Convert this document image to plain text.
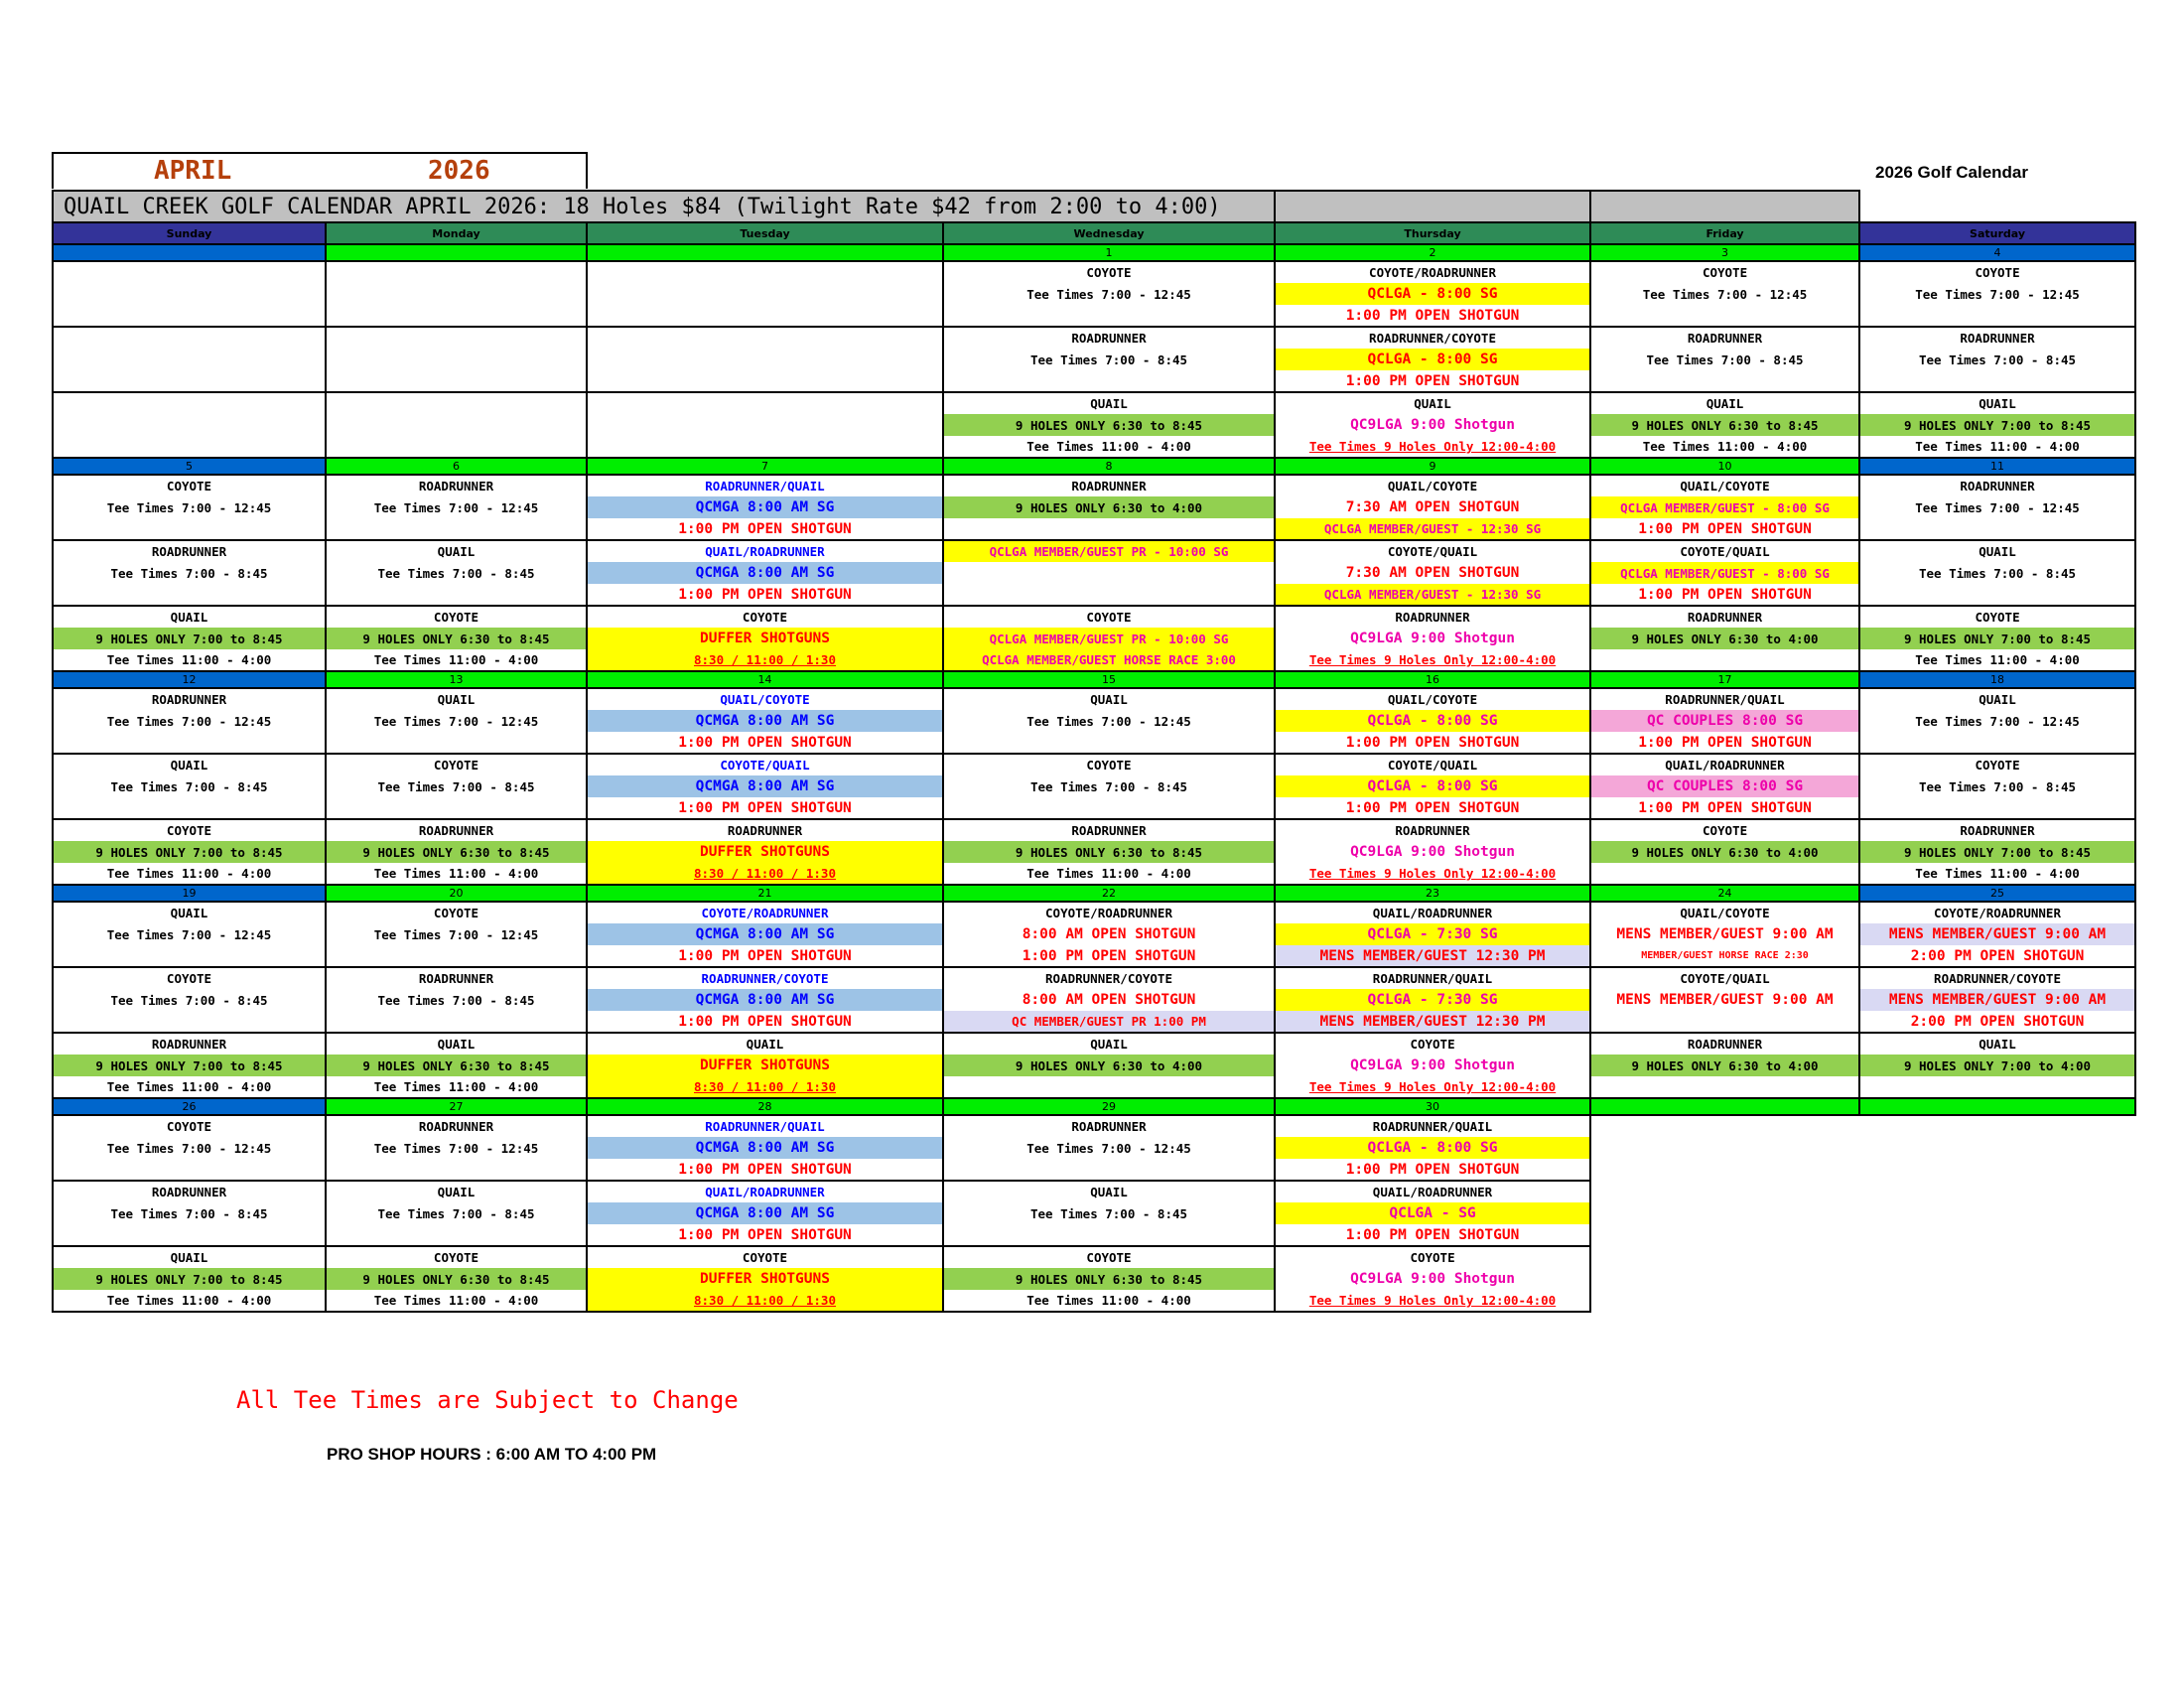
APRIL	2026	2026 Golf Calendar
QUAIL CREEK GOLF CALENDAR APRIL 2026: 18 Holes $84 (Twilight Rate $42 from 2:00 to 4:00)						
Sunday	Monday	Tuesday	Wednesday	Thursday	Friday	Saturday
			1	2	3	4
			COYOTE	COYOTE/ROADRUNNER	COYOTE	COYOTE
			Tee Times 7:00 - 12:45	QCLGA - 8:00 SG	Tee Times 7:00 - 12:45	Tee Times 7:00 - 12:45
				1:00 PM OPEN SHOTGUN		
			ROADRUNNER	ROADRUNNER/COYOTE	ROADRUNNER	ROADRUNNER
			Tee Times 7:00 - 8:45	QCLGA - 8:00 SG	Tee Times 7:00 - 8:45	Tee Times 7:00 - 8:45
				1:00 PM OPEN SHOTGUN		
			QUAIL	QUAIL	QUAIL	QUAIL
			9 HOLES ONLY 6:30 to 8:45	QC9LGA 9:00 Shotgun	9 HOLES ONLY 6:30 to 8:45	9 HOLES ONLY 7:00 to 8:45
			Tee Times 11:00 - 4:00	Tee Times 9 Holes Only 12:00-4:00	Tee Times 11:00 - 4:00	Tee Times 11:00 - 4:00
5	6	7	8	9	10	11
COYOTE	ROADRUNNER	ROADRUNNER/QUAIL	ROADRUNNER	QUAIL/COYOTE	QUAIL/COYOTE	ROADRUNNER
Tee Times 7:00 - 12:45	Tee Times 7:00 - 12:45	QCMGA 8:00 AM SG	9 HOLES ONLY 6:30 to 4:00	7:30 AM OPEN SHOTGUN	QCLGA MEMBER/GUEST - 8:00 SG	Tee Times 7:00 - 12:45
		1:00 PM OPEN SHOTGUN		QCLGA MEMBER/GUEST - 12:30 SG	1:00 PM OPEN SHOTGUN	
ROADRUNNER	QUAIL	QUAIL/ROADRUNNER	QCLGA MEMBER/GUEST PR - 10:00 SG	COYOTE/QUAIL	COYOTE/QUAIL	QUAIL
Tee Times 7:00 - 8:45	Tee Times 7:00 - 8:45	QCMGA 8:00 AM SG		7:30 AM OPEN SHOTGUN	QCLGA MEMBER/GUEST - 8:00 SG	Tee Times 7:00 - 8:45
		1:00 PM OPEN SHOTGUN		QCLGA MEMBER/GUEST - 12:30 SG	1:00 PM OPEN SHOTGUN	
QUAIL	COYOTE	COYOTE	COYOTE	ROADRUNNER	ROADRUNNER	COYOTE
9 HOLES ONLY 7:00 to 8:45	9 HOLES ONLY 6:30 to 8:45	DUFFER SHOTGUNS	QCLGA MEMBER/GUEST PR - 10:00 SG	QC9LGA 9:00 Shotgun	9 HOLES ONLY 6:30 to 4:00	9 HOLES ONLY 7:00 to 8:45
Tee Times 11:00 - 4:00	Tee Times 11:00 - 4:00	8:30 / 11:00 / 1:30	QCLGA MEMBER/GUEST HORSE RACE 3:00	Tee Times 9 Holes Only 12:00-4:00		Tee Times 11:00 - 4:00
12	13	14	15	16	17	18
ROADRUNNER	QUAIL	QUAIL/COYOTE	QUAIL	QUAIL/COYOTE	ROADRUNNER/QUAIL	QUAIL
Tee Times 7:00 - 12:45	Tee Times 7:00 - 12:45	QCMGA 8:00 AM SG	Tee Times 7:00 - 12:45	QCLGA - 8:00 SG	QC COUPLES 8:00 SG	Tee Times 7:00 - 12:45
		1:00 PM OPEN SHOTGUN		1:00 PM OPEN SHOTGUN	1:00 PM OPEN SHOTGUN	
QUAIL	COYOTE	COYOTE/QUAIL	COYOTE	COYOTE/QUAIL	QUAIL/ROADRUNNER	COYOTE
Tee Times 7:00 - 8:45	Tee Times 7:00 - 8:45	QCMGA 8:00 AM SG	Tee Times 7:00 - 8:45	QCLGA - 8:00 SG	QC COUPLES 8:00 SG	Tee Times 7:00 - 8:45
		1:00 PM OPEN SHOTGUN		1:00 PM OPEN SHOTGUN	1:00 PM OPEN SHOTGUN	
COYOTE	ROADRUNNER	ROADRUNNER	ROADRUNNER	ROADRUNNER	COYOTE	ROADRUNNER
9 HOLES ONLY 7:00 to 8:45	9 HOLES ONLY 6:30 to 8:45	DUFFER SHOTGUNS	9 HOLES ONLY 6:30 to 8:45	QC9LGA 9:00 Shotgun	9 HOLES ONLY 6:30 to 4:00	9 HOLES ONLY 7:00 to 8:45
Tee Times 11:00 - 4:00	Tee Times 11:00 - 4:00	8:30 / 11:00 / 1:30	Tee Times 11:00 - 4:00	Tee Times 9 Holes Only 12:00-4:00		Tee Times 11:00 - 4:00
19	20	21	22	23	24	25
QUAIL	COYOTE	COYOTE/ROADRUNNER	COYOTE/ROADRUNNER	QUAIL/ROADRUNNER	QUAIL/COYOTE	COYOTE/ROADRUNNER
Tee Times 7:00 - 12:45	Tee Times 7:00 - 12:45	QCMGA 8:00 AM SG	8:00 AM OPEN SHOTGUN	QCLGA - 7:30 SG	MENS MEMBER/GUEST 9:00 AM	MENS MEMBER/GUEST 9:00 AM
		1:00 PM OPEN SHOTGUN	1:00 PM OPEN SHOTGUN	MENS MEMBER/GUEST 12:30 PM	MEMBER/GUEST HORSE RACE 2:30	2:00 PM OPEN SHOTGUN
COYOTE	ROADRUNNER	ROADRUNNER/COYOTE	ROADRUNNER/COYOTE	ROADRUNNER/QUAIL	COYOTE/QUAIL	ROADRUNNER/COYOTE
Tee Times 7:00 - 8:45	Tee Times 7:00 - 8:45	QCMGA 8:00 AM SG	8:00 AM OPEN SHOTGUN	QCLGA - 7:30 SG	MENS MEMBER/GUEST 9:00 AM	MENS MEMBER/GUEST 9:00 AM
		1:00 PM OPEN SHOTGUN	QC MEMBER/GUEST PR 1:00 PM	MENS MEMBER/GUEST 12:30 PM		2:00 PM OPEN SHOTGUN
ROADRUNNER	QUAIL	QUAIL	QUAIL	COYOTE	ROADRUNNER	QUAIL
9 HOLES ONLY 7:00 to 8:45	9 HOLES ONLY 6:30 to 8:45	DUFFER SHOTGUNS	9 HOLES ONLY 6:30 to 4:00	QC9LGA 9:00 Shotgun	9 HOLES ONLY 6:30 to 4:00	9 HOLES ONLY 7:00 to 4:00
Tee Times 11:00 - 4:00	Tee Times 11:00 - 4:00	8:30 / 11:00 / 1:30		Tee Times 9 Holes Only 12:00-4:00		
26	27	28	29	30		
COYOTE	ROADRUNNER	ROADRUNNER/QUAIL	ROADRUNNER	ROADRUNNER/QUAIL		
Tee Times 7:00 - 12:45	Tee Times 7:00 - 12:45	QCMGA 8:00 AM SG	Tee Times 7:00 - 12:45	QCLGA - 8:00 SG		
		1:00 PM OPEN SHOTGUN		1:00 PM OPEN SHOTGUN		
ROADRUNNER	QUAIL	QUAIL/ROADRUNNER	QUAIL	QUAIL/ROADRUNNER		
Tee Times 7:00 - 8:45	Tee Times 7:00 - 8:45	QCMGA 8:00 AM SG	Tee Times 7:00 - 8:45	QCLGA - SG		
		1:00 PM OPEN SHOTGUN		1:00 PM OPEN SHOTGUN		
QUAIL	COYOTE	COYOTE	COYOTE	COYOTE		
9 HOLES ONLY 7:00 to 8:45	9 HOLES ONLY 6:30 to 8:45	DUFFER SHOTGUNS	9 HOLES ONLY 6:30 to 8:45	QC9LGA 9:00 Shotgun		
Tee Times 11:00 - 4:00	Tee Times 11:00 - 4:00	8:30 / 11:00 / 1:30	Tee Times 11:00 - 4:00	Tee Times 9 Holes Only 12:00-4:00		
All Tee Times are Subject to Change
PRO SHOP HOURS : 6:00 AM TO 4:00 PM
